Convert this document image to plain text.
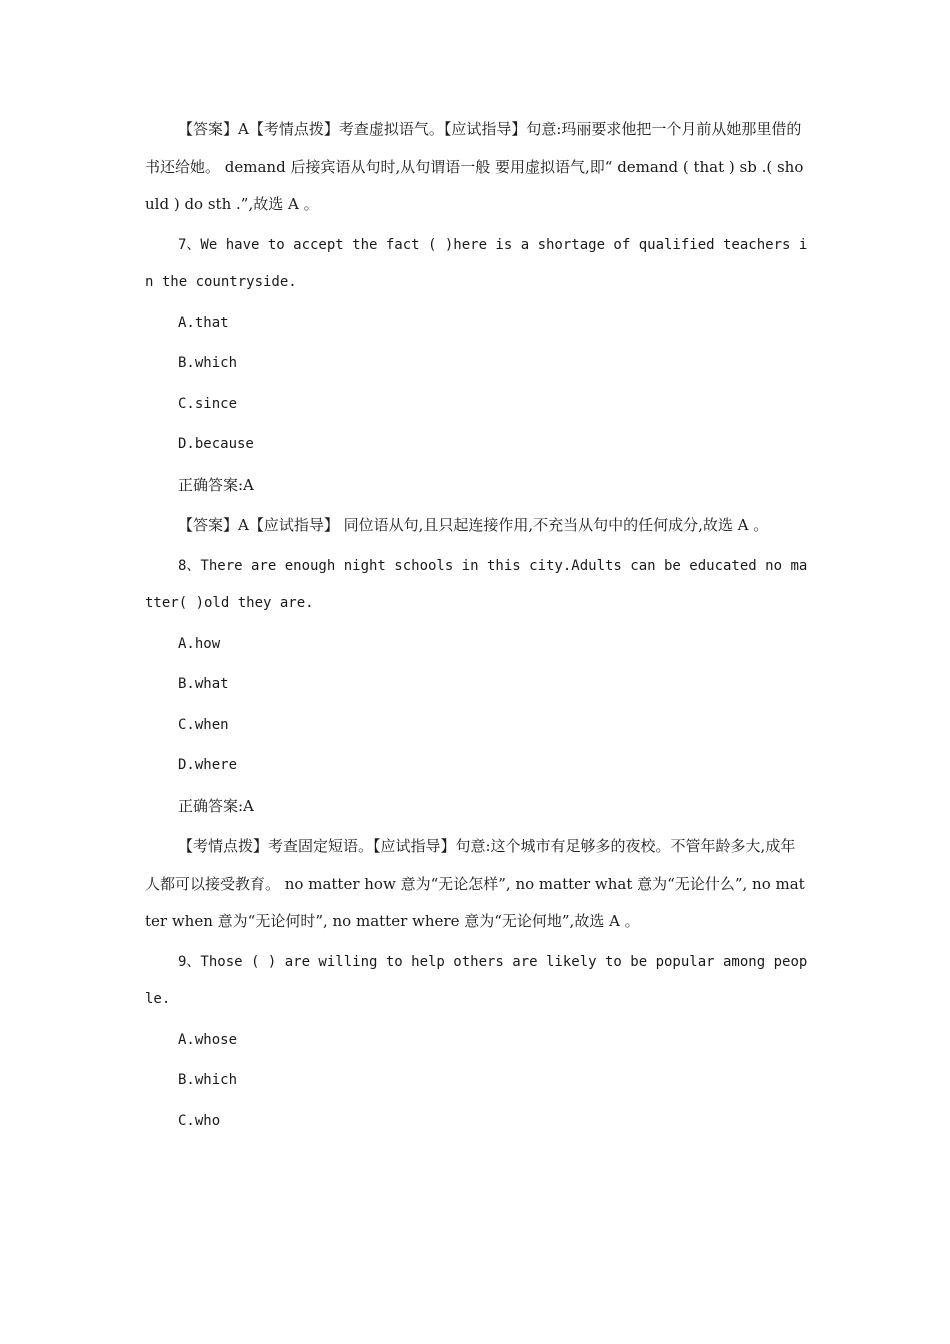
【答案】A【考情点拨】考查虚拟语气。【应试指导】句意:玛丽要求他把一个月前从她那里借的书还给她。 demand 后接宾语从句时,从句谓语一般 要用虚拟语气,即“ demand ( that ) sb .( should ) do sth .”,故选 A 。

7、We have to accept the fact ( )here is a shortage of qualified teachers in the countryside.

A.that

B.which

C.since

D.because

正确答案:A

【答案】A【应试指导】 同位语从句,且只起连接作用,不充当从句中的任何成分,故选 A 。

8、There are enough night schools in this city.Adults can be educated no matter( )old they are.

A.how

B.what

C.when

D.where

正确答案:A

【考情点拨】考查固定短语。【应试指导】句意:这个城市有足够多的夜校。不管年龄多大,成年人都可以接受教育。 no matter how 意为“无论怎样”, no matter what 意为“无论什么”, no matter when 意为“无论何时”, no matter where 意为“无论何地”,故选 A 。

9、Those ( ) are willing to help others are likely to be popular among people.

A.whose

B.which

C.who
